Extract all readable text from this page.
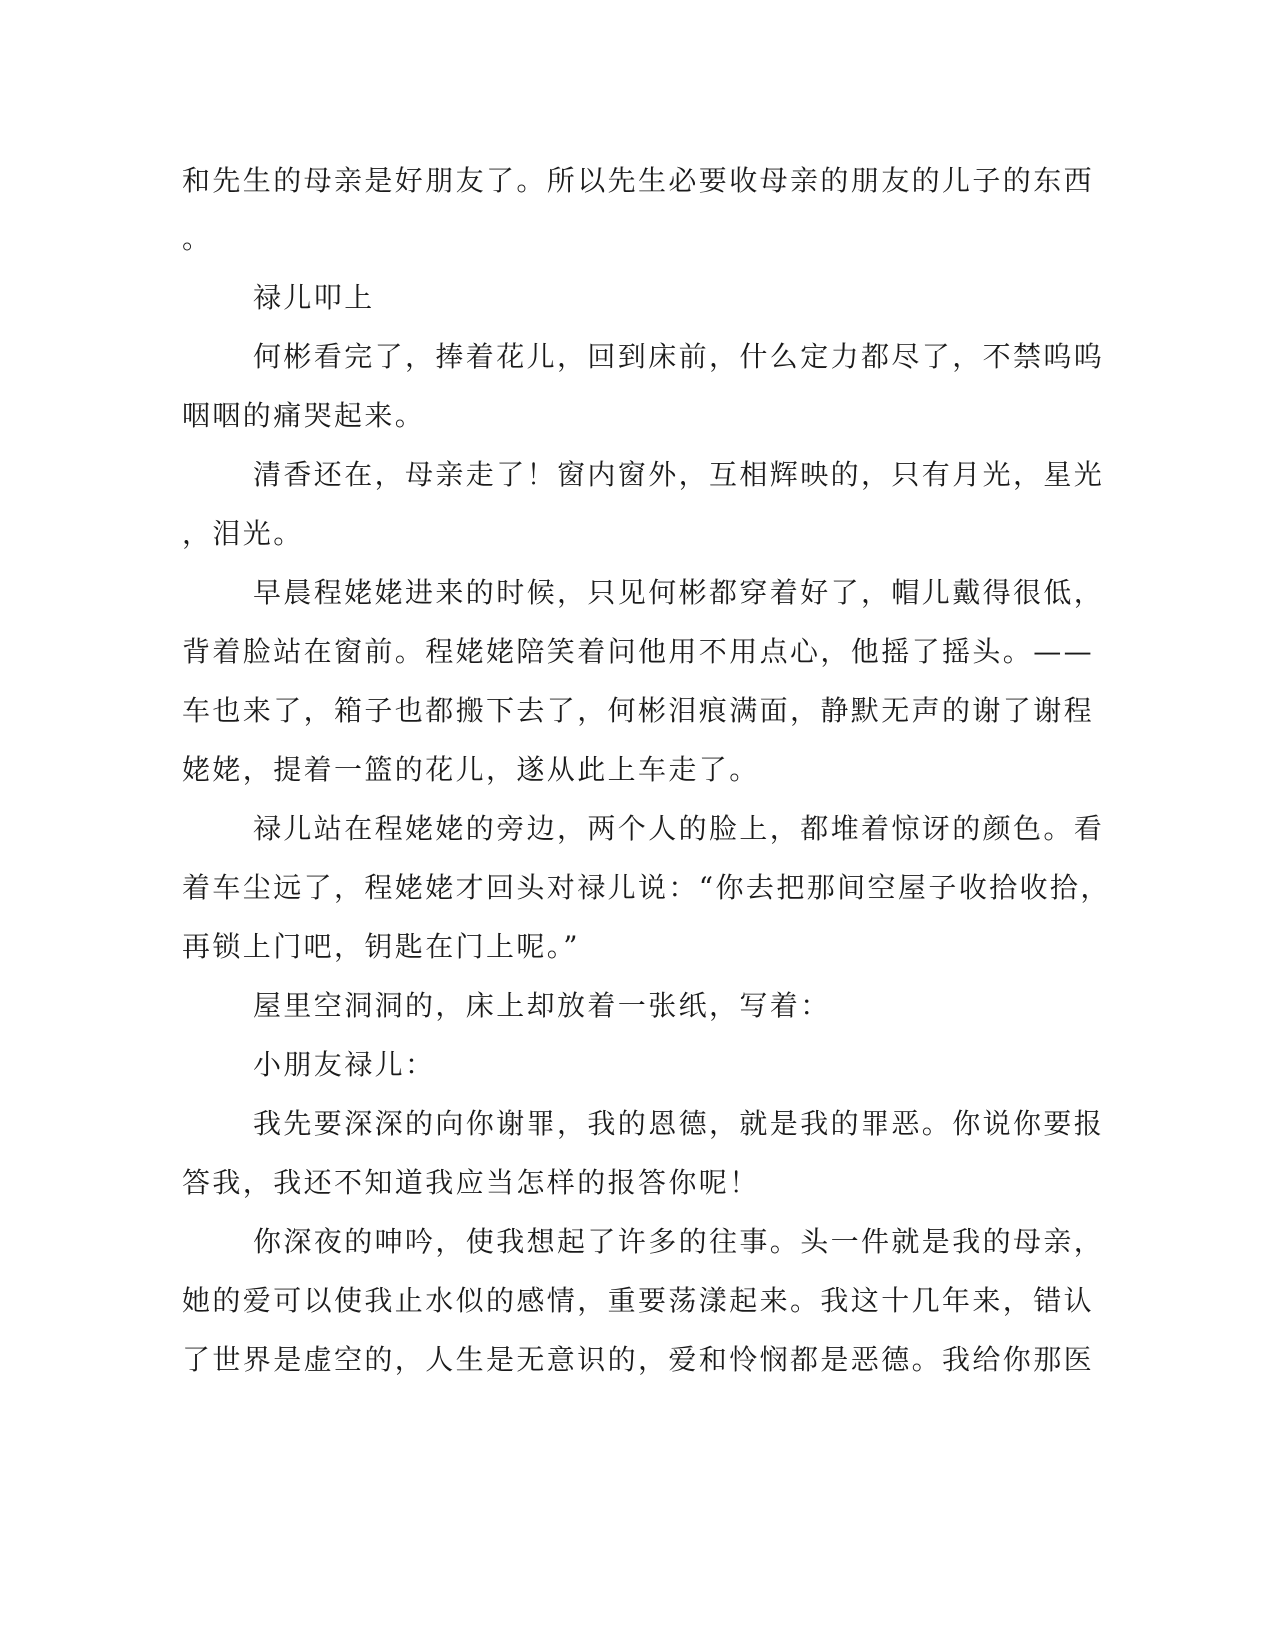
和先生的母亲是好朋友了。所以先生必要收母亲的朋友的儿子的东西
。
禄儿叩上
何彬看完了，捧着花儿，回到床前，什么定力都尽了，不禁呜呜
咽咽的痛哭起来。
清香还在，母亲走了！窗内窗外，互相辉映的，只有月光，星光
，泪光。
早晨程姥姥进来的时候，只见何彬都穿着好了，帽儿戴得很低，
背着脸站在窗前。程姥姥陪笑着问他用不用点心，他摇了摇头。——
车也来了，箱子也都搬下去了，何彬泪痕满面，静默无声的谢了谢程
姥姥，提着一篮的花儿，遂从此上车走了。
禄儿站在程姥姥的旁边，两个人的脸上，都堆着惊讶的颜色。看
着车尘远了，程姥姥才回头对禄儿说：“你去把那间空屋子收拾收拾，
再锁上门吧，钥匙在门上呢。”
屋里空洞洞的，床上却放着一张纸，写着：
小朋友禄儿：
我先要深深的向你谢罪，我的恩德，就是我的罪恶。你说你要报
答我，我还不知道我应当怎样的报答你呢！
你深夜的呻吟，使我想起了许多的往事。头一件就是我的母亲，
她的爱可以使我止水似的感情，重要荡漾起来。我这十几年来，错认
了世界是虚空的，人生是无意识的，爱和怜悯都是恶德。我给你那医
